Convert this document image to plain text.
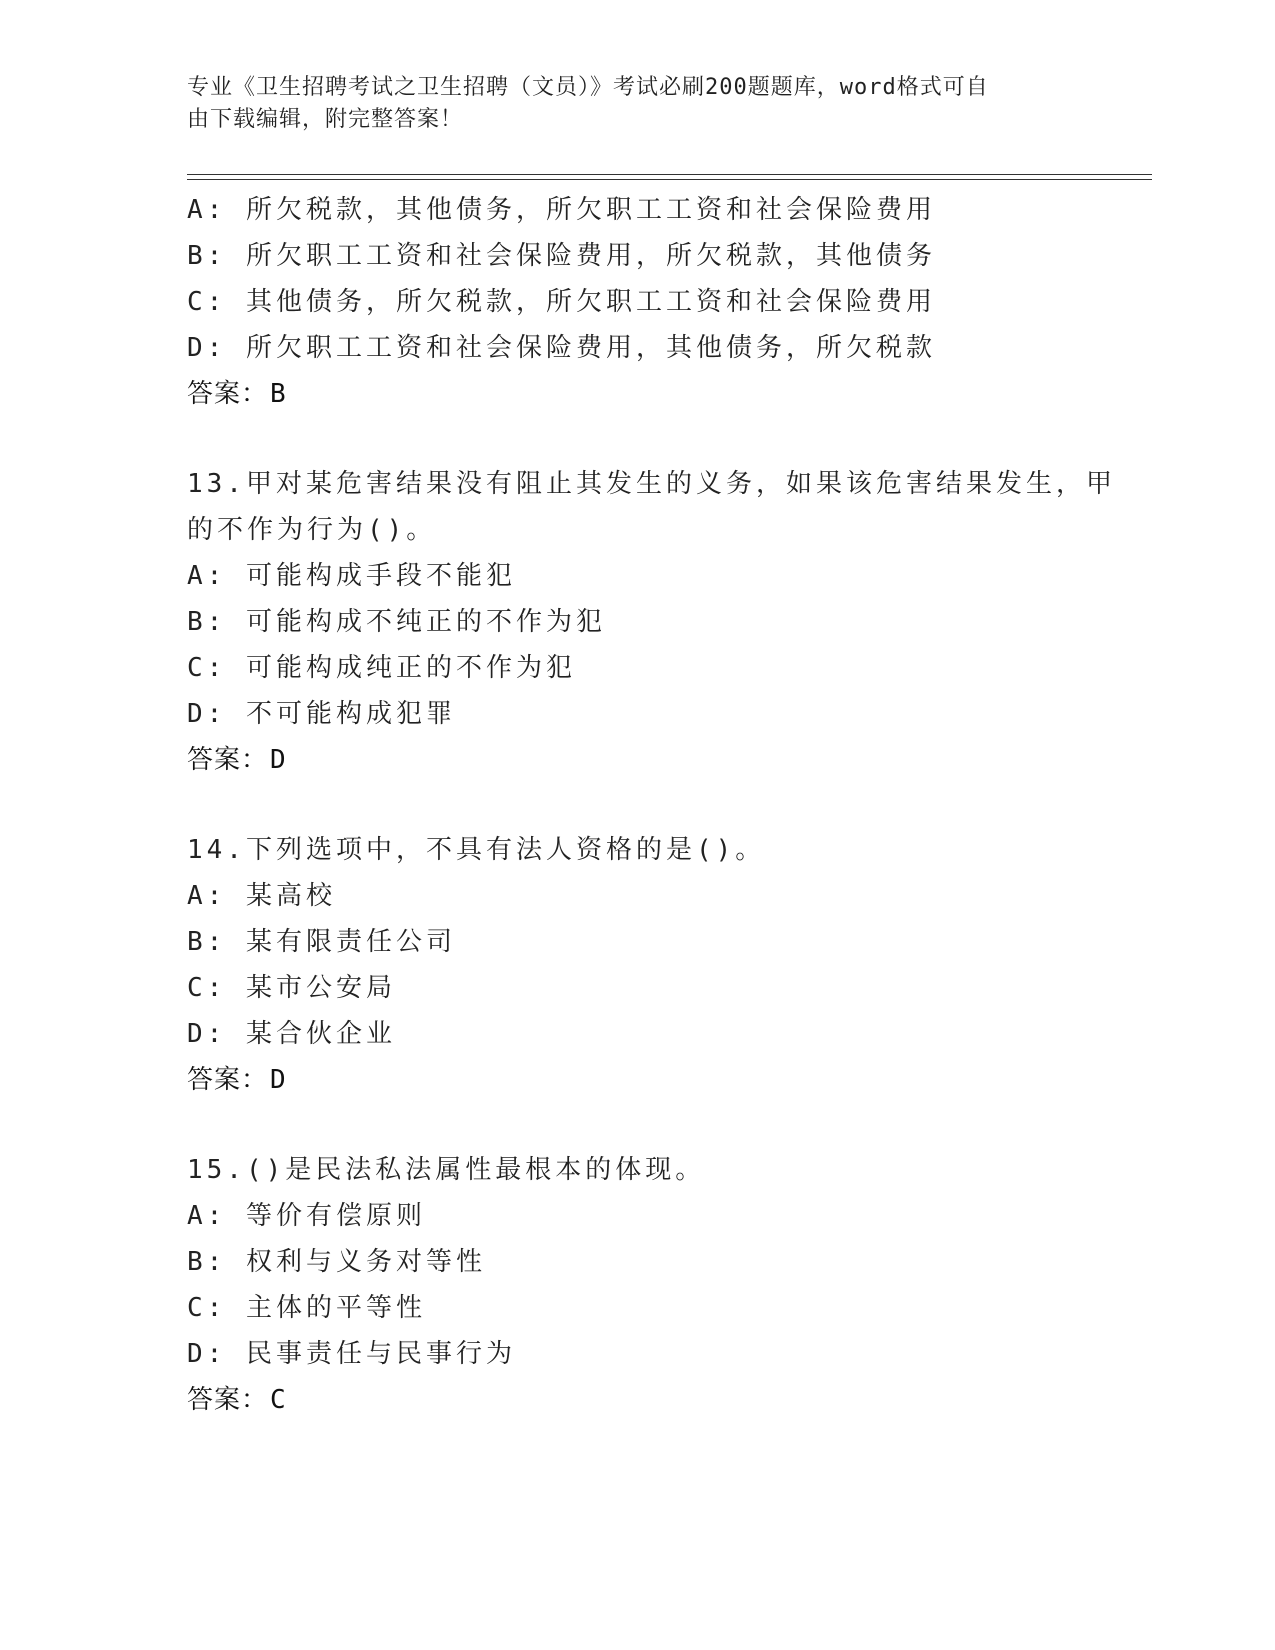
专业《卫生招聘考试之卫生招聘（文员）》考试必刷200题题库，word格式可自
由下载编辑，附完整答案！
A: 所欠税款，其他债务，所欠职工工资和社会保险费用
B: 所欠职工工资和社会保险费用，所欠税款，其他债务
C: 其他债务，所欠税款，所欠职工工资和社会保险费用
D: 所欠职工工资和社会保险费用，其他债务，所欠税款
答案：B
13.甲对某危害结果没有阻止其发生的义务，如果该危害结果发生，甲
的不作为行为()。
A: 可能构成手段不能犯
B: 可能构成不纯正的不作为犯
C: 可能构成纯正的不作为犯
D: 不可能构成犯罪
答案：D
14.下列选项中，不具有法人资格的是()。
A: 某高校
B: 某有限责任公司
C: 某市公安局
D: 某合伙企业
答案：D
15.()是民法私法属性最根本的体现。
A: 等价有偿原则
B: 权利与义务对等性
C: 主体的平等性
D: 民事责任与民事行为
答案：C
